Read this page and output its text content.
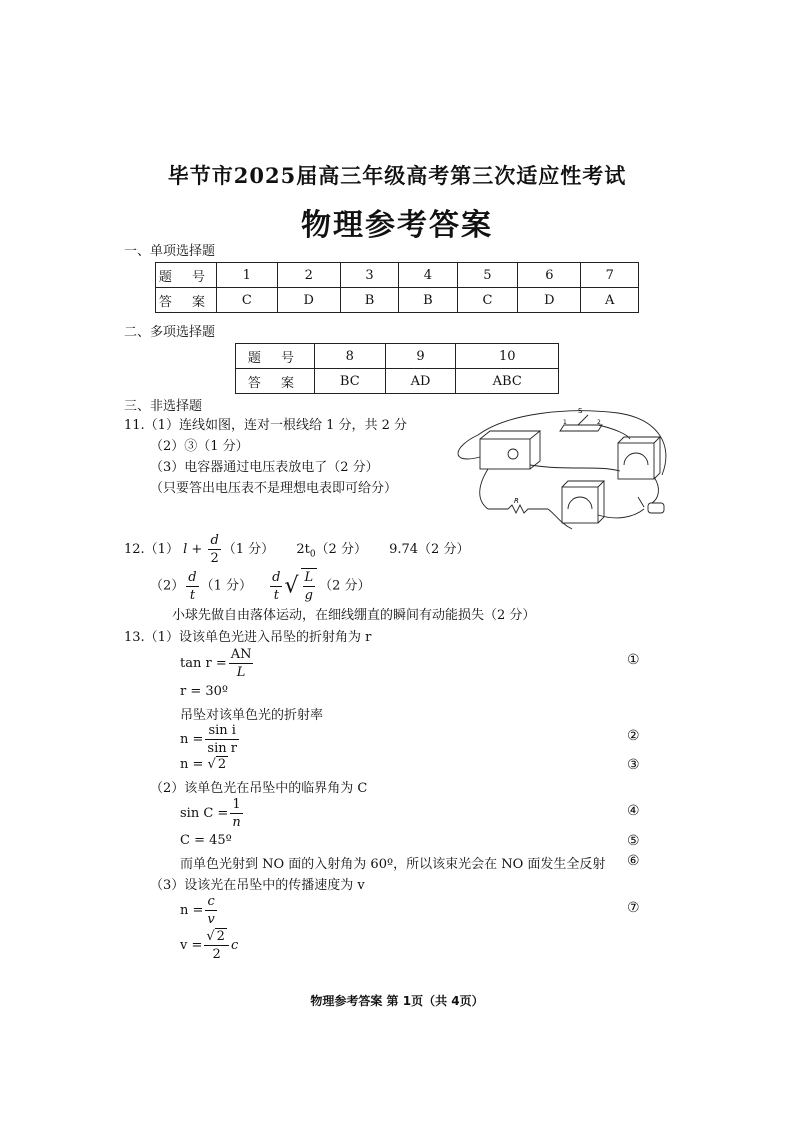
毕节市2025届高三年级高考第三次适应性考试
物理参考答案
一、单项选择题
题 号	1	2	3	4	5	6	7
答 案	C	D	B	B	C	D	A
二、多项选择题
题 号	8	9	10
答 案	BC	AD	ABC
三、非选择题
11.（1）连线如图，连对一根线给 1 分，共 2 分
（2）③（1 分）
（3）电容器通过电压表放电了（2 分）
（只要答出电压表不是理想电表即可给分）
S
1	2
R
12.（1） $l + \frac{d}{2} (1$ 分） $2t_0(2$ 分） 9.74（2 分）
$(2) \frac{d}{t} (1$ 分） $\frac{d}{t}$ √ $\frac{L}{g} (2$ 分）
小球先做自由落体运动，在细线绷直的瞬间有动能损失（2 分）
13.（1）设该单色光进入吊坠的折射角为 r
$\tan r = \frac{AN}{L}$	①
r = 30º
吊坠对该单色光的折射率
$n = \frac{\text{sin i}}{\text{sin r}}$	②
n = √ 2	③
（2）该单色光在吊坠中的临界角为 C
$\sin C = \frac{1}{n}$	④
C = 45º	⑤
而单色光射到 NO 面的入射角为 60º，所以该束光会在 NO 面发生全反射 ⑥
（3）设该光在吊坠中的传播速度为 v
$n = \frac{c}{v}$	⑦
$v = \frac{√ 2}{2}$ c
物理参考答案 第 1页（共 4页）
